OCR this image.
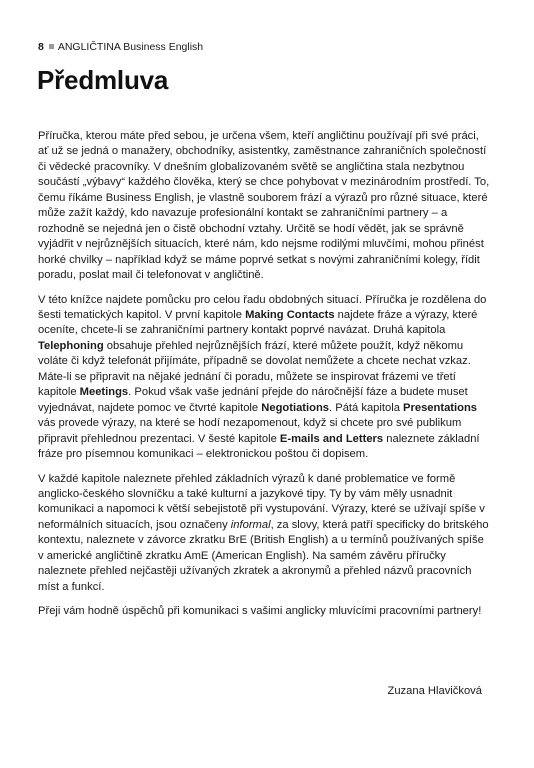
8 ANGLIČTINA Business English
Předmluva

Příručka, kterou máte před sebou, je určena všem, kteří angličtinu používají při své práci, ať už se jedná o manažery, obchodníky, asistentky, zaměstnance zahraničních společností či vědecké pracovníky. V dnešním globalizovaném světě se angličtina stala nezbytnou součástí „výbavy“ každého člověka, který se chce pohybovat v mezinárodním prostředí. To, čemu říkáme Business English, je vlastně souborem frází a výrazů pro různé situace, které může zažít každý, kdo navazuje profesionální kontakt se zahraničními partnery – a rozhodně se nejedná jen o čistě obchodní vztahy. Určitě se hodí vědět, jak se správně vyjádřit v nejrůznějších situacích, které nám, kdo nejsme rodilými mluvčími, mohou přinést horké chvilky – například když se máme poprvé setkat s novými zahraničními kolegy, řídit poradu, poslat mail či telefonovat v angličtině.

V této knížce najdete pomůcku pro celou řadu obdobných situací. Příručka je rozdělena do šesti tematických kapitol. V první kapitole Making Contacts najdete fráze a výrazy, které oceníte, chcete-li se zahraničními partnery kontakt poprvé navázat. Druhá kapitola Telephoning obsahuje přehled nejrůznějších frází, které můžete použít, když někomu voláte či když telefonát přijímáte, případně se dovolat nemůžete a chcete nechat vzkaz. Máte-li se připravit na nějaké jednání či poradu, můžete se inspirovat frázemi ve třetí kapitole Meetings. Pokud však vaše jednání přejde do náročnější fáze a budete muset vyjednávat, najdete pomoc ve čtvrté kapitole Negotiations. Pátá kapitola Presentations vás provede výrazy, na které se hodí nezapomenout, když si chcete pro své publikum připravit přehlednou prezentaci. V šesté kapitole E-mails and Letters naleznete základní fráze pro písemnou komunikaci – elektronickou poštou či dopisem.

V každé kapitole naleznete přehled základních výrazů k dané problematice ve formě anglicko-českého slovníčku a také kulturní a jazykové tipy. Ty by vám měly usnadnit komunikaci a napomoci k větší sebejistotě při vystupování. Výrazy, které se užívají spíše v neformálních situacích, jsou označeny informal, za slovy, která patří specificky do britského kontextu, naleznete v závorce zkratku BrE (British English) a u termínů používaných spíše v americké angličtině zkratku AmE (American English). Na samém závěru příručky naleznete přehled nejčastěji užívaných zkratek a akronymů a přehled názvů pracovních míst a funkcí.

Přeji vám hodně úspěchů při komunikaci s vašimi anglicky mluvícími pracovními partnery!

Zuzana Hlavičková
